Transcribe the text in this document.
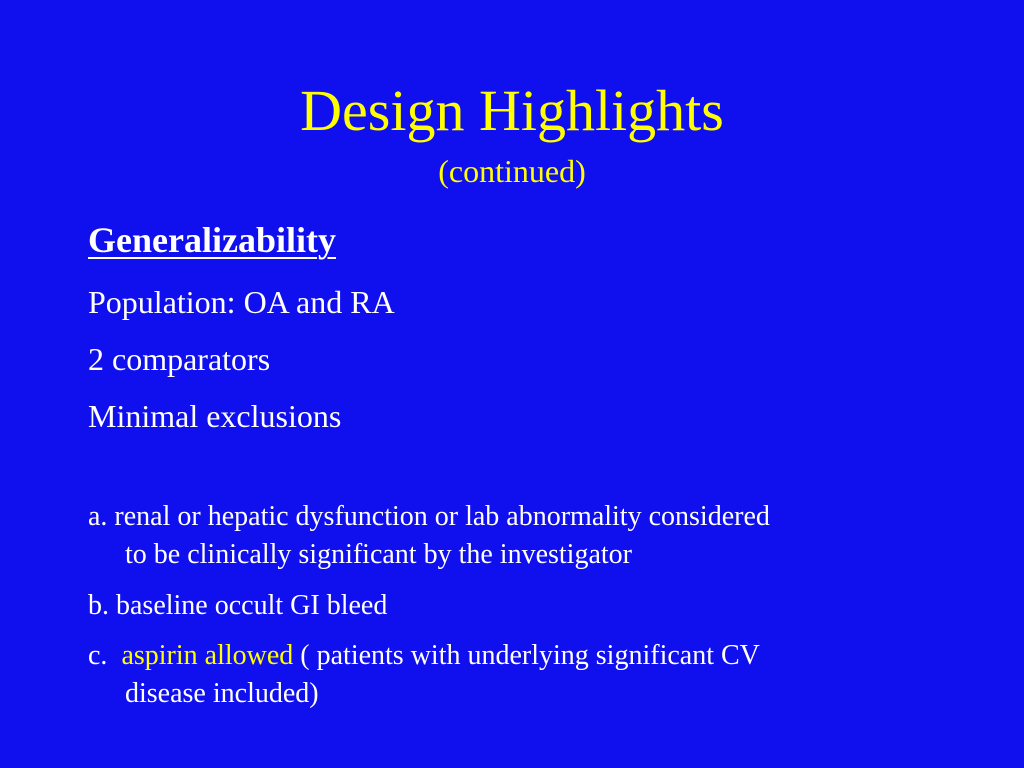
Design Highlights
(continued)
Generalizability
Population: OA and RA
2 comparators
Minimal exclusions
a. renal or hepatic dysfunction or lab abnormality considered
to be clinically significant by the investigator
b. baseline occult GI bleed
c.  aspirin allowed ( patients with underlying significant CV
disease included)
